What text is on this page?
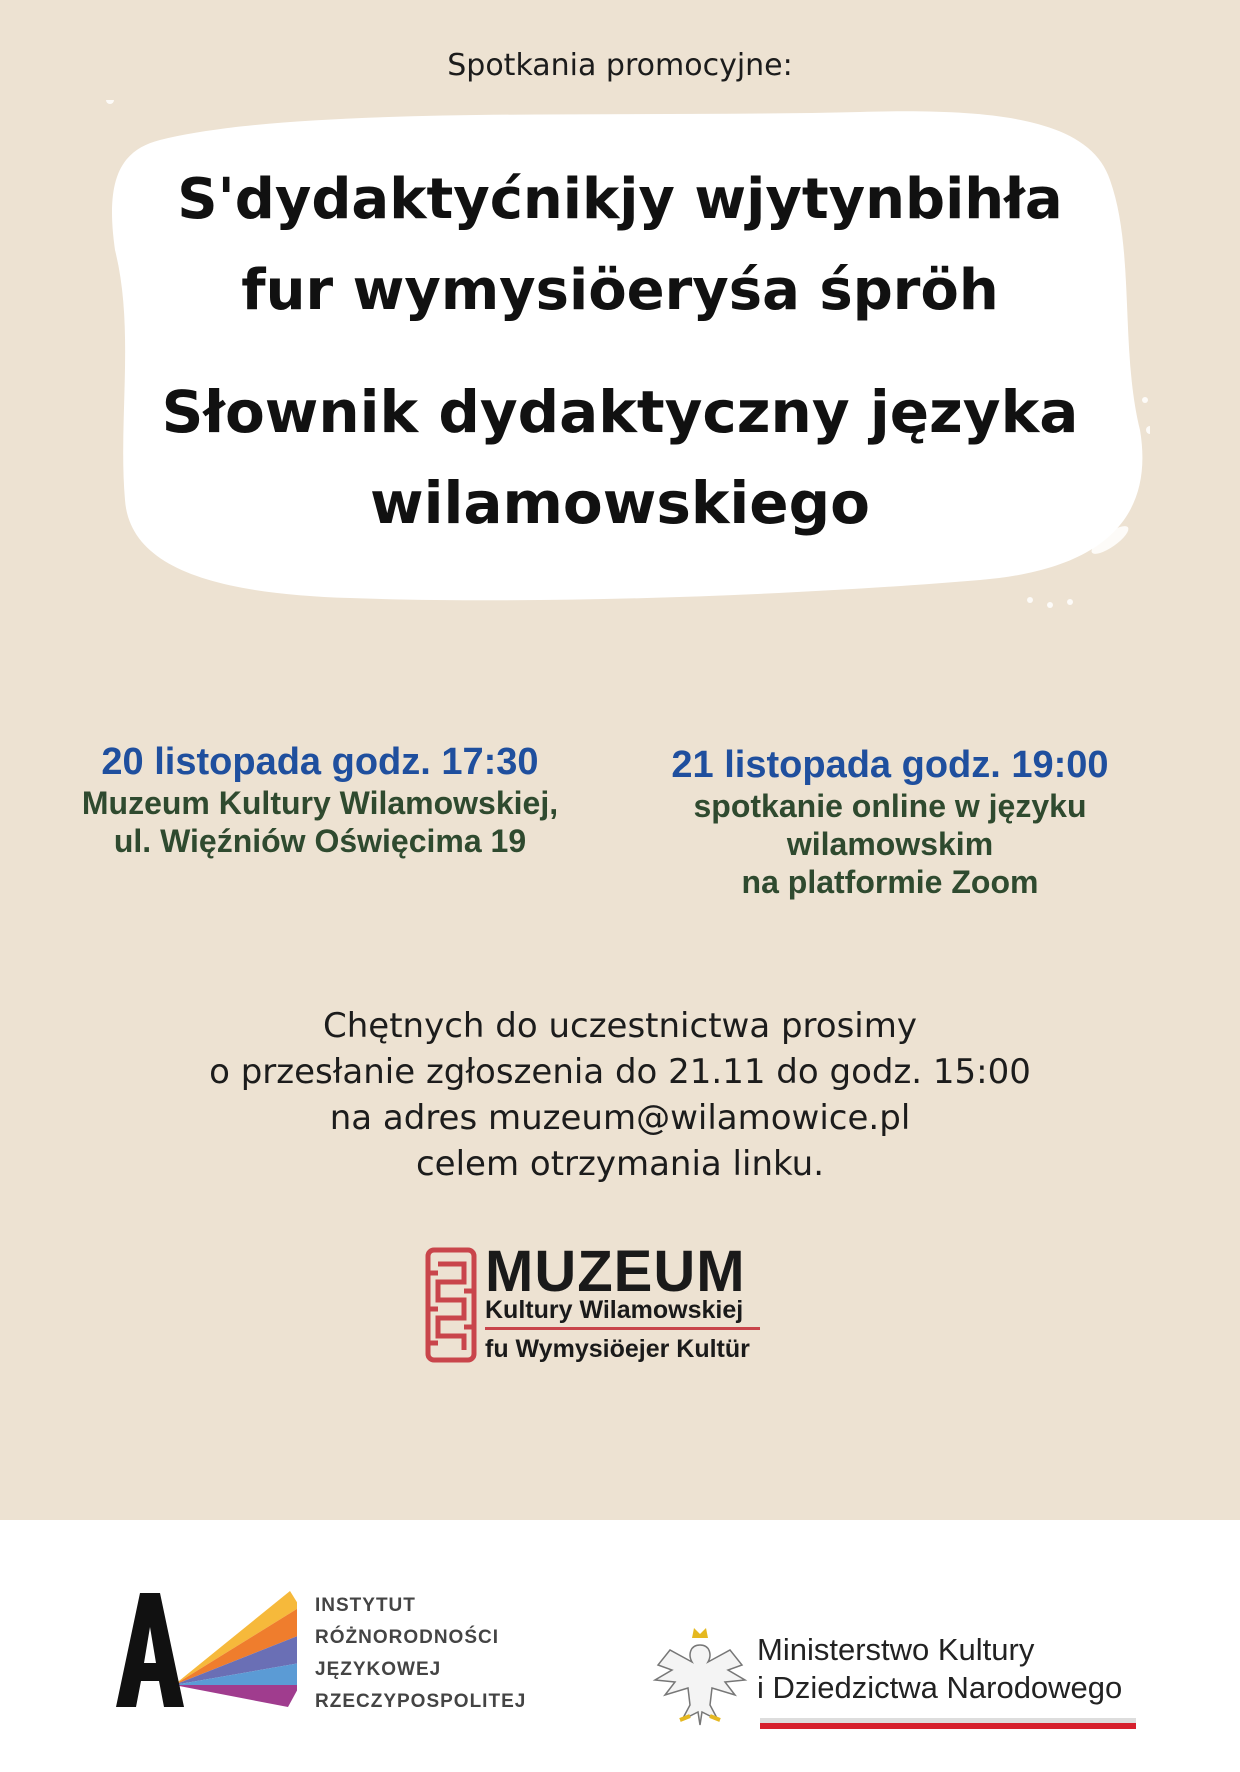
Spotkania promocyjne:
S'dydaktyćnikjy wjytynbihła
fur wymysiöeryśa śpröh
Słownik dydaktyczny języka
wilamowskiego
20 listopada godz. 17:30
Muzeum Kultury Wilamowskiej,
ul. Więźniów Oświęcima 19
21 listopada godz. 19:00
spotkanie online w języku
wilamowskim
na platformie Zoom
Chętnych do uczestnictwa prosimy
o przesłanie zgłoszenia do 21.11 do godz. 15:00
na adres muzeum@wilamowice.pl
celem otrzymania linku.
MUZEUM
Kultury Wilamowskiej
fu Wymysiöejer Kultür
INSTYTUT
RÓŻNORODNOŚCI
JĘZYKOWEJ
RZECZYPOSPOLITEJ
Ministerstwo Kultury
i Dziedzictwa Narodowego
